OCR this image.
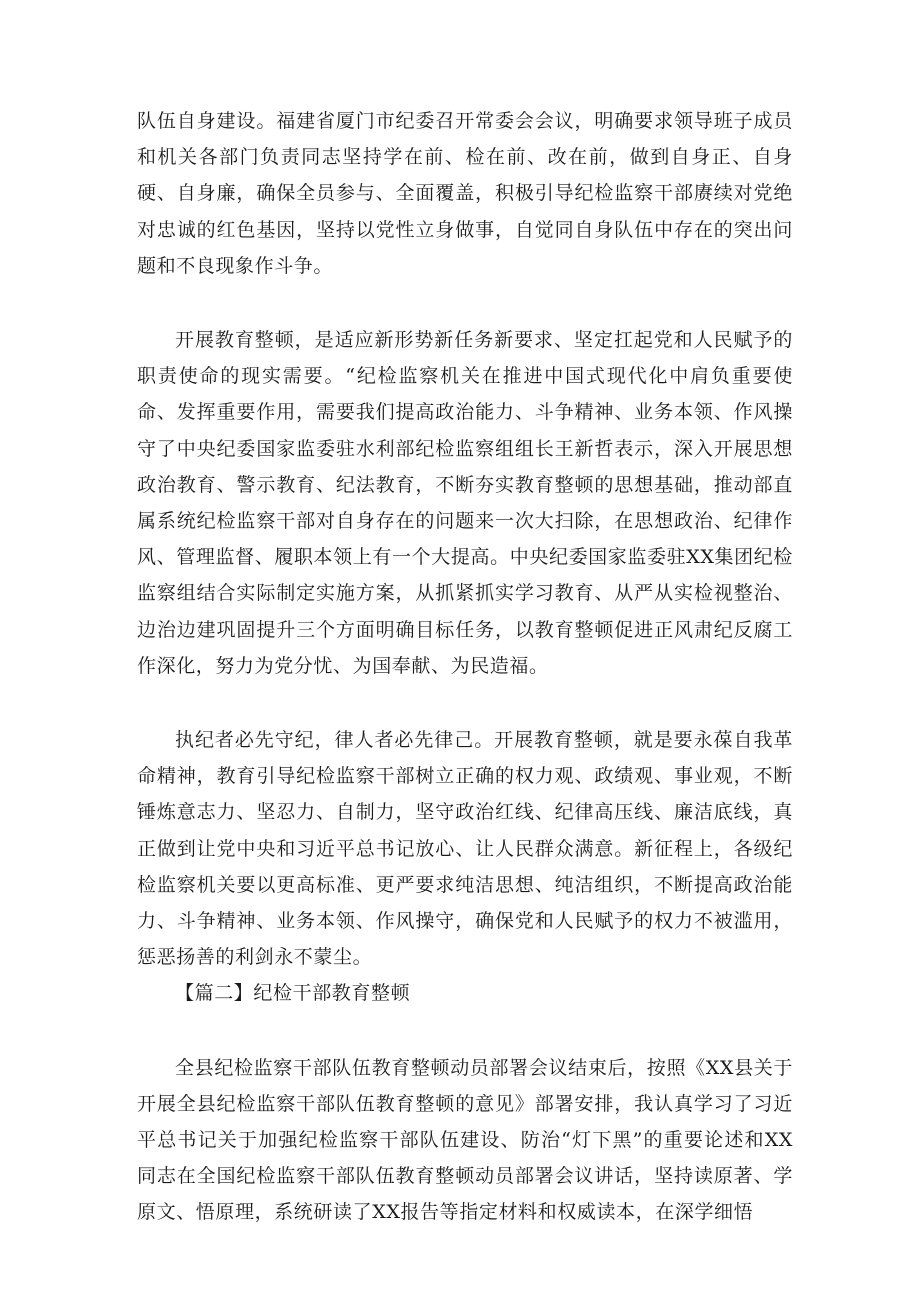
队伍自身建设。福建省厦门市纪委召开常委会会议，明确要求领导班子成员和机关各部门负责同志坚持学在前、检在前、改在前，做到自身正、自身硬、自身廉，确保全员参与、全面覆盖，积极引导纪检监察干部赓续对党绝对忠诚的红色基因，坚持以党性立身做事，自觉同自身队伍中存在的突出问题和不良现象作斗争。

开展教育整顿，是适应新形势新任务新要求、坚定扛起党和人民赋予的职责使命的现实需要。“纪检监察机关在推进中国式现代化中肩负重要使命、发挥重要作用，需要我们提高政治能力、斗争精神、业务本领、作风操守了中央纪委国家监委驻水利部纪检监察组组长王新哲表示，深入开展思想政治教育、警示教育、纪法教育，不断夯实教育整顿的思想基础，推动部直属系统纪检监察干部对自身存在的问题来一次大扫除，在思想政治、纪律作风、管理监督、履职本领上有一个大提高。中央纪委国家监委驻XX集团纪检监察组结合实际制定实施方案，从抓紧抓实学习教育、从严从实检视整治、边治边建巩固提升三个方面明确目标任务，以教育整顿促进正风肃纪反腐工作深化，努力为党分忧、为国奉献、为民造福。

执纪者必先守纪，律人者必先律己。开展教育整顿，就是要永葆自我革命精神，教育引导纪检监察干部树立正确的权力观、政绩观、事业观，不断锤炼意志力、坚忍力、自制力，坚守政治红线、纪律高压线、廉洁底线，真正做到让党中央和习近平总书记放心、让人民群众满意。新征程上，各级纪检监察机关要以更高标准、更严要求纯洁思想、纯洁组织，不断提高政治能力、斗争精神、业务本领、作风操守，确保党和人民赋予的权力不被滥用，惩恶扬善的利剑永不蒙尘。

【篇二】纪检干部教育整顿

全县纪检监察干部队伍教育整顿动员部署会议结束后，按照《XX县关于开展全县纪检监察干部队伍教育整顿的意见》部署安排，我认真学习了习近平总书记关于加强纪检监察干部队伍建设、防治“灯下黑”的重要论述和XX同志在全国纪检监察干部队伍教育整顿动员部署会议讲话，坚持读原著、学原文、悟原理，系统研读了XX报告等指定材料和权威读本，在深学细悟
